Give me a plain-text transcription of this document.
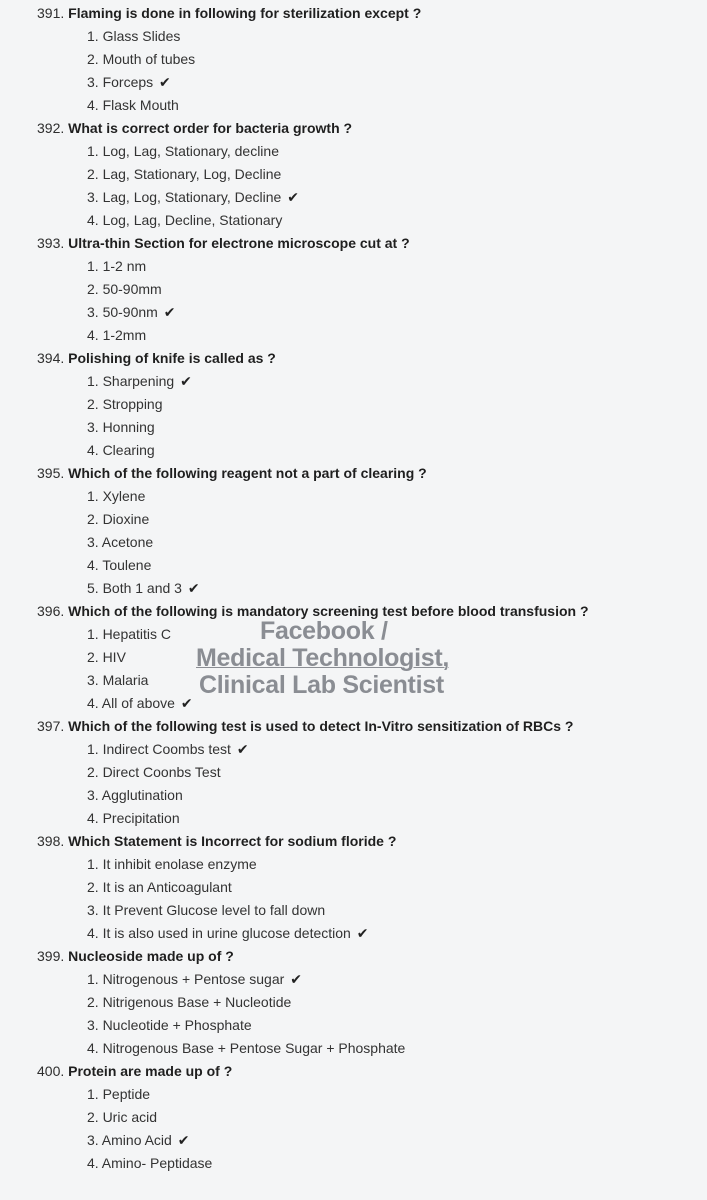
391. Flaming is done in following for sterilization except ?
1. Glass Slides
2. Mouth of tubes
3. Forceps ✔
4. Flask Mouth
392. What is correct order for bacteria growth ?
1. Log, Lag, Stationary, decline
2. Lag, Stationary, Log, Decline
3. Lag, Log, Stationary, Decline ✔
4. Log, Lag, Decline, Stationary
393. Ultra-thin Section for electrone microscope cut at ?
1. 1-2 nm
2. 50-90mm
3. 50-90nm ✔
4. 1-2mm
394. Polishing of knife is called as ?
1. Sharpening ✔
2. Stropping
3. Honning
4. Clearing
395. Which of the following reagent not a part of clearing ?
1. Xylene
2. Dioxine
3. Acetone
4. Toulene
5. Both 1 and 3 ✔
396. Which of the following is mandatory screening test before blood transfusion ?
1. Hepatitis C
2. HIV
3. Malaria
4. All of above ✔
397. Which of the following test is used to detect In-Vitro sensitization of RBCs ?
1. Indirect Coombs test ✔
2. Direct Coonbs Test
3. Agglutination
4. Precipitation
398. Which Statement is Incorrect for sodium floride ?
1. It inhibit enolase enzyme
2. It is an Anticoagulant
3. It Prevent Glucose level to fall down
4. It is also used in urine glucose detection ✔
399. Nucleoside made up of ?
1. Nitrogenous + Pentose sugar ✔
2. Nitrigenous Base + Nucleotide
3. Nucleotide + Phosphate
4. Nitrogenous Base + Pentose Sugar + Phosphate
400. Protein are made up of ?
1. Peptide
2. Uric acid
3. Amino Acid ✔
4. Amino- Peptidase
Facebook /
Medical Technologist,
Clinical Lab Scientist
